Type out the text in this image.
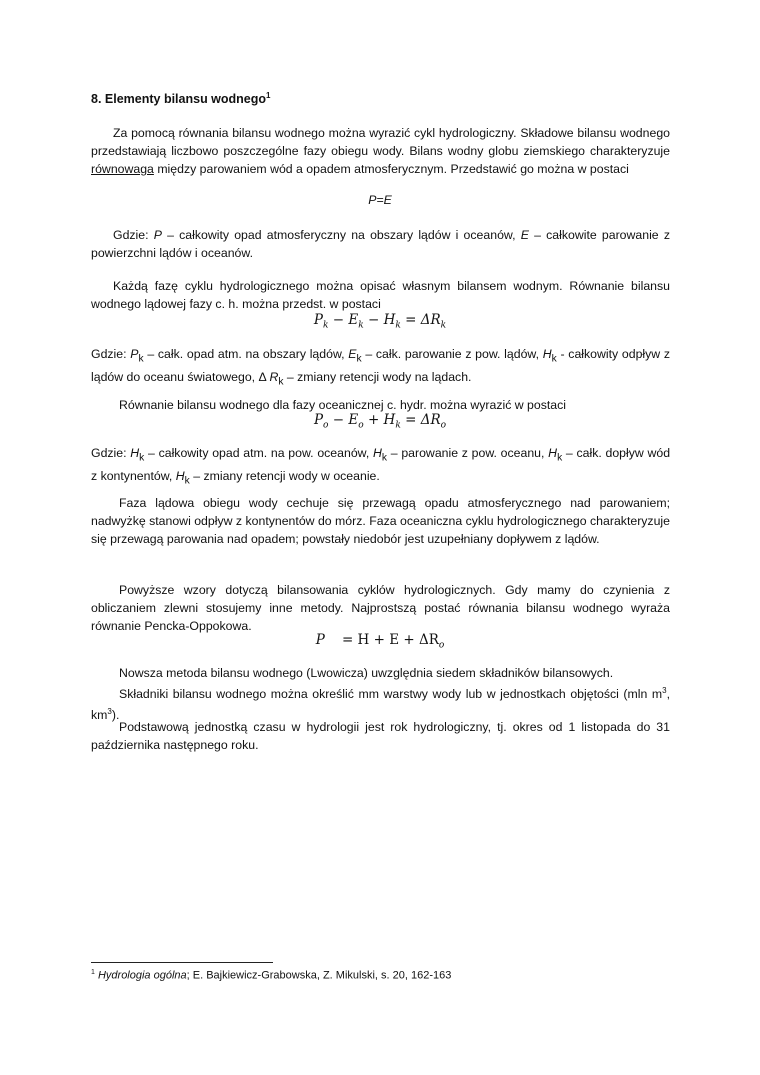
8. Elementy bilansu wodnego$^1$
Za pomocą równania bilansu wodnego można wyrazić cykl hydrologiczny. Składowe bilansu wodnego przedstawiają liczbowo poszczególne fazy obiegu wody. Bilans wodny globu ziemskiego charakteryzuje równowaga między parowaniem wód a opadem atmosferycznym. Przedstawić go można w postaci
P=E
Gdzie: P – całkowity opad atmosferyczny na obszary lądów i oceanów, E – całkowite parowanie z powierzchni lądów i oceanów.
Każdą fazę cyklu hydrologicznego można opisać własnym bilansem wodnym. Równanie bilansu wodnego lądowej fazy c. h. można przedst. w postaci
$P_k - E_k - H_k = \Delta R_k$
Gdzie: $P_k$ – całk. opad atm. na obszary lądów, $E_k$ – całk. parowanie z pow. lądów, $H_k$ - całkowity odpływ z lądów do oceanu światowego, Δ $R_k$ – zmiany retencji wody na lądach.
Równanie bilansu wodnego dla fazy oceanicznej c. hydr. można wyrazić w postaci
$P_o - E_o + H_k = \Delta R_o$
Gdzie: $H_k$ – całkowity opad atm. na pow. oceanów, $H_k$ – parowanie z pow. oceanu, $H_k$ – całk. dopływ wód z kontynentów, $H_k$ – zmiany retencji wody w oceanie.
Faza lądowa obiegu wody cechuje się przewagą opadu atmosferycznego nad parowaniem; nadwyżkę stanowi odpływ z kontynentów do mórz. Faza oceaniczna cyklu hydrologicznego charakteryzuje się przewagą parowania nad opadem; powstały niedobór jest uzupełniany dopływem z lądów.
Powyższe wzory dotyczą bilansowania cyklów hydrologicznych. Gdy mamy do czynienia z obliczaniem zlewni stosujemy inne metody. Najprostszą postać równania bilansu wodnego wyraża równanie Pencka-Oppokowa.
$P = H + E + \Delta R_o$
Nowsza metoda bilansu wodnego (Lwowicza) uwzględnia siedem składników bilansowych.
Składniki bilansu wodnego można określić mm warstwy wody lub w jednostkach objętości (mln $m^3$, $km^3$).
Podstawową jednostką czasu w hydrologii jest rok hydrologiczny, tj. okres od 1 listopada do 31 października następnego roku.
$^1$ Hydrologia ogólna; E. Bajkiewicz-Grabowska, Z. Mikulski, s. 20, 162-163
